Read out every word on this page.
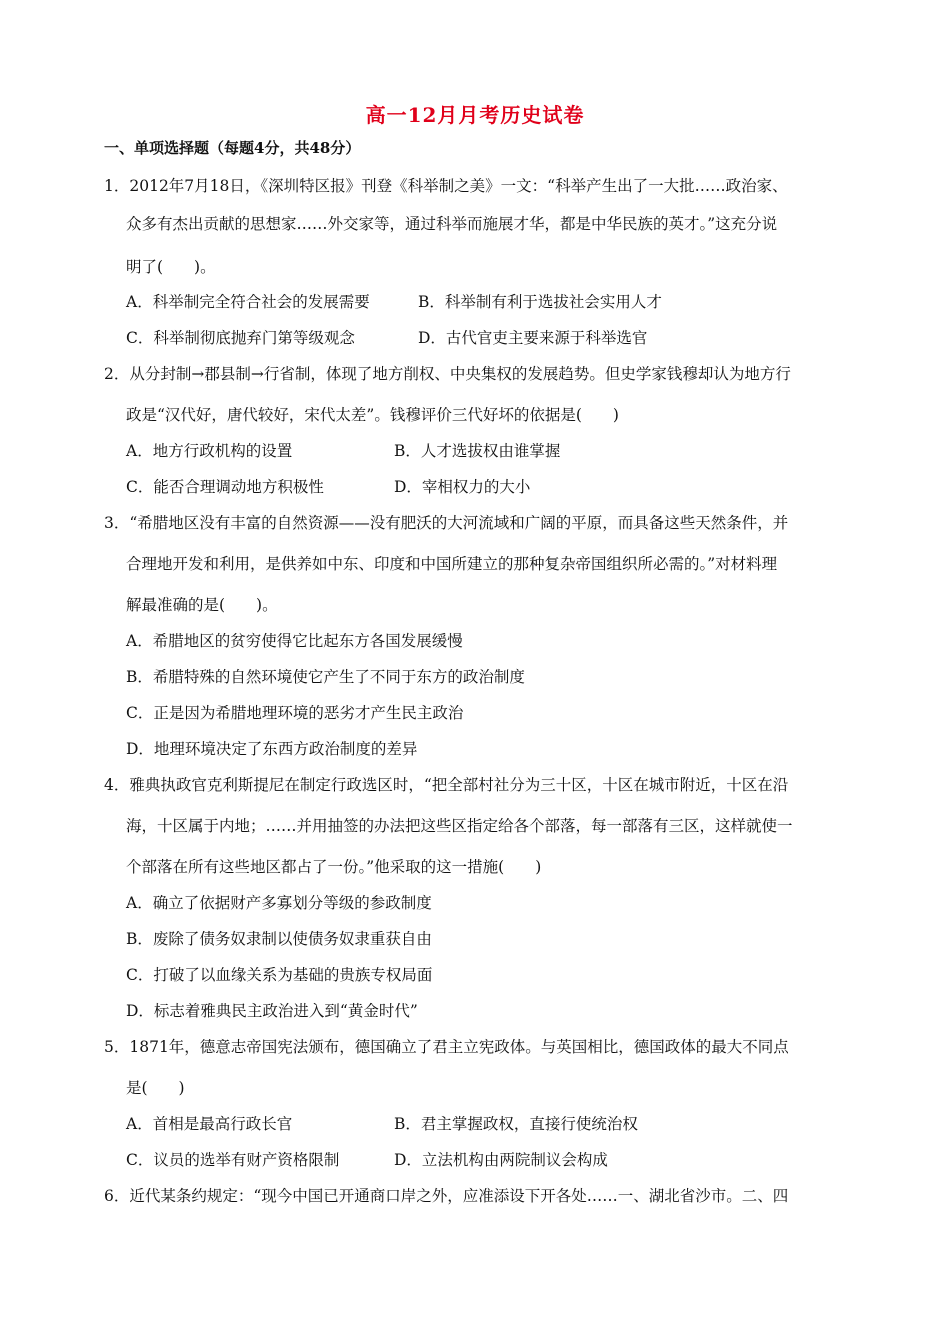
高一12月月考历史试卷
一、单项选择题（每题4分，共48分）
1．2012年7月18日，《深圳特区报》刊登《科举制之美》一文：“科举产生出了一大批……政治家、
众多有杰出贡献的思想家……外交家等，通过科举而施展才华，都是中华民族的英才。”这充分说
明了(　　)。
A．科举制完全符合社会的发展需要	B．科举制有利于选拔社会实用人才
C．科举制彻底抛弃门第等级观念	D．古代官吏主要来源于科举选官
2．从分封制→郡县制→行省制，体现了地方削权、中央集权的发展趋势。但史学家钱穆却认为地方行
政是“汉代好，唐代较好，宋代太差”。钱穆评价三代好坏的依据是(　　)
A．地方行政机构的设置	B．人才选拔权由谁掌握
C．能否合理调动地方积极性	D．宰相权力的大小
3．“希腊地区没有丰富的自然资源——没有肥沃的大河流域和广阔的平原，而具备这些天然条件，并
合理地开发和利用，是供养如中东、印度和中国所建立的那种复杂帝国组织所必需的。”对材料理
解最准确的是(　　)。
A．希腊地区的贫穷使得它比起东方各国发展缓慢
B．希腊特殊的自然环境使它产生了不同于东方的政治制度
C．正是因为希腊地理环境的恶劣才产生民主政治
D．地理环境决定了东西方政治制度的差异
4．雅典执政官克利斯提尼在制定行政选区时，“把全部村社分为三十区，十区在城市附近，十区在沿
海，十区属于内地；……并用抽签的办法把这些区指定给各个部落，每一部落有三区，这样就使一
个部落在所有这些地区都占了一份。”他采取的这一措施(　　)
A．确立了依据财产多寡划分等级的参政制度
B．废除了债务奴隶制以使债务奴隶重获自由
C．打破了以血缘关系为基础的贵族专权局面
D．标志着雅典民主政治进入到“黄金时代”
5．1871年，德意志帝国宪法颁布，德国确立了君主立宪政体。与英国相比，德国政体的最大不同点
是(　　)
A．首相是最高行政长官	B．君主掌握政权，直接行使统治权
C．议员的选举有财产资格限制	D．立法机构由两院制议会构成
6．近代某条约规定：“现今中国已开通商口岸之外，应准添设下开各处……一、湖北省沙市。二、四
